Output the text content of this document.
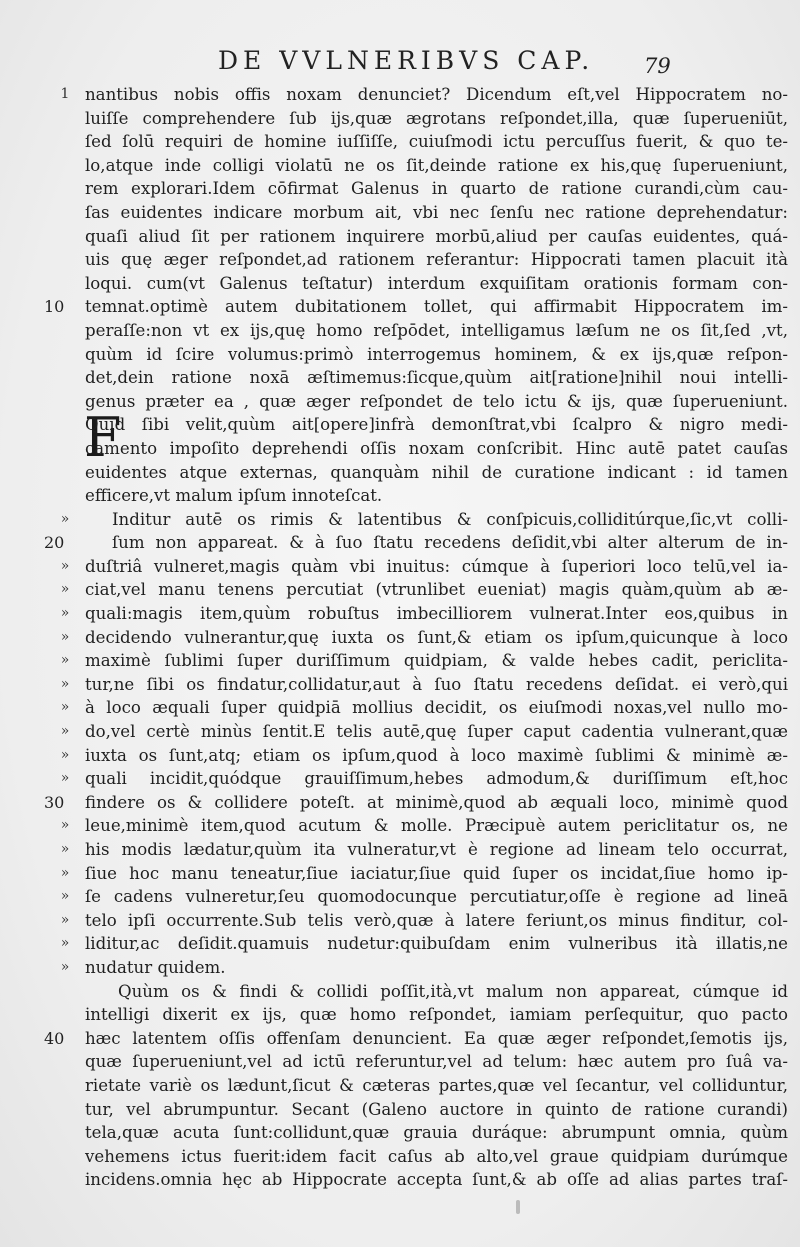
DE VVLNERIBVS CAP. 79
F
1 nantibus nobis offis noxam denunciet? Dicendum eſt,vel Hippocratem no-
luiſſe comprehendere ſub ijs,quæ ægrotans reſpondet,illa, quæ ſuperueniūt,
ſed ſolū requiri de homine iuſſiſſe, cuiuſmodi ictu percuſſus fuerit, & quo te-
lo,atque inde colligi violatū ne os ſit,deinde ratione ex his,quę ſuperueniunt,
rem explorari.Idem cōfirmat Galenus in quarto de ratione curandi,cùm cau-
ſas euidentes indicare morbum ait, vbi nec ſenſu nec ratione deprehendatur:
quaſi aliud ſit per rationem inquirere morbū,aliud per cauſas euidentes, quá-
uis quę æger reſpondet,ad rationem referantur: Hippocrati tamen placuit ità
loqui. cum(vt Galenus teſtatur) interdum exquiſitam orationis formam con-
10	temnat.optimè autem dubitationem tollet, qui affirmabit Hippocratem im-
peraſſe:non vt ex ijs,quę homo reſpōdet, intelligamus læſum ne os ſit,ſed ,vt,
quùm id ſcire volumus:primò interrogemus hominem, & ex ijs,quæ reſpon-
det,dein ratione noxā æſtimemus:ſicque,quùm ait[ratione]nihil noui intelli-
genus præter ea , quæ æger reſpondet de telo ictu & ijs, quæ ſuperueniunt.
Quid ſibi velit,quùm ait[opere]infrà demonſtrat,vbi ſcalpro & nigro medi-
camento impoſito deprehendi oſſis noxam conſcribit. Hinc autē patet cauſas
euidentes atque externas, quanquàm nihil de curatione indicant : id tamen
efficere,vt malum ipſum innoteſcat.
»	Inditur autē os rimis & latentibus & conſpicuis,colliditúrque,ſic,vt colli-
20	ſum non appareat. & à ſuo ſtatu recedens deſidit,vbi alter alterum de in-
» duſtriâ vulneret,magis quàm vbi inuitus: cúmque à ſuperiori loco telū,vel ia-
» ciat,vel manu tenens percutiat (vtrunlibet eueniat) magis quàm,quùm ab æ-
» quali:magis item,quùm robuſtus imbecilliorem vulnerat.Inter eos,quibus in
» decidendo vulnerantur,quę iuxta os ſunt,& etiam os ipſum,quicunque à loco
» maximè ſublimi ſuper duriſſimum quidpiam, & valde hebes cadit, periclita-
» tur,ne ſibi os findatur,collidatur,aut à ſuo ſtatu recedens deſidat. ei verò,qui
» à loco æquali ſuper quidpiā mollius decidit, os eiuſmodi noxas,vel nullo mo-
» do,vel certè minùs ſentit.E telis autē,quę ſuper caput cadentia vulnerant,quæ
» iuxta os ſunt,atq; etiam os ipſum,quod à loco maximè ſublimi & minimè æ-
» quali incidit,quódque grauiſſimum,hebes admodum,& duriſſimum eſt,hoc
30	findere os & collidere poteſt. at minimè,quod ab æquali loco, minimè quod
» leue,minimè item,quod acutum & molle. Præcipuè autem periclitatur os, ne
» his modis lædatur,quùm ita vulneratur,vt è regione ad lineam telo occurrat,
» ſiue hoc manu teneatur,ſiue iaciatur,ſiue quid ſuper os incidat,ſiue homo ip-
» ſe cadens vulneretur,ſeu quomodocunque percutiatur,oſſe è regione ad lineā
» telo ipſi occurrente.Sub telis verò,quæ à latere feriunt,os minus finditur, col-
» liditur,ac deſidit.quamuis nudetur:quibuſdam enim vulneribus ità illatis,ne
» nudatur quidem.
Quùm os & findi & collidi poſſit,ità,vt malum non appareat, cúmque id
intelligi dixerit ex ijs, quæ homo reſpondet, iamiam perſequitur, quo pacto
40	hæc latentem oſſis offenſam denuncient. Ea quæ æger reſpondet,ſemotis ijs,
quæ ſuperueniunt,vel ad ictū referuntur,vel ad telum: hæc autem pro ſuâ va-
rietate variè os lædunt,ſicut & cæteras partes,quæ vel ſecantur, vel colliduntur,
tur, vel abrumpuntur. Secant (Galeno auctore in quinto de ratione curandi)
tela,quæ acuta ſunt:collidunt,quæ grauia duráque: abrumpunt omnia, quùm
vehemens ictus fuerit:idem facit caſus ab alto,vel graue quidpiam durúmque
incidens.omnia hęc ab Hippocrate accepta ſunt,& ab oſſe ad alias partes traſ-
